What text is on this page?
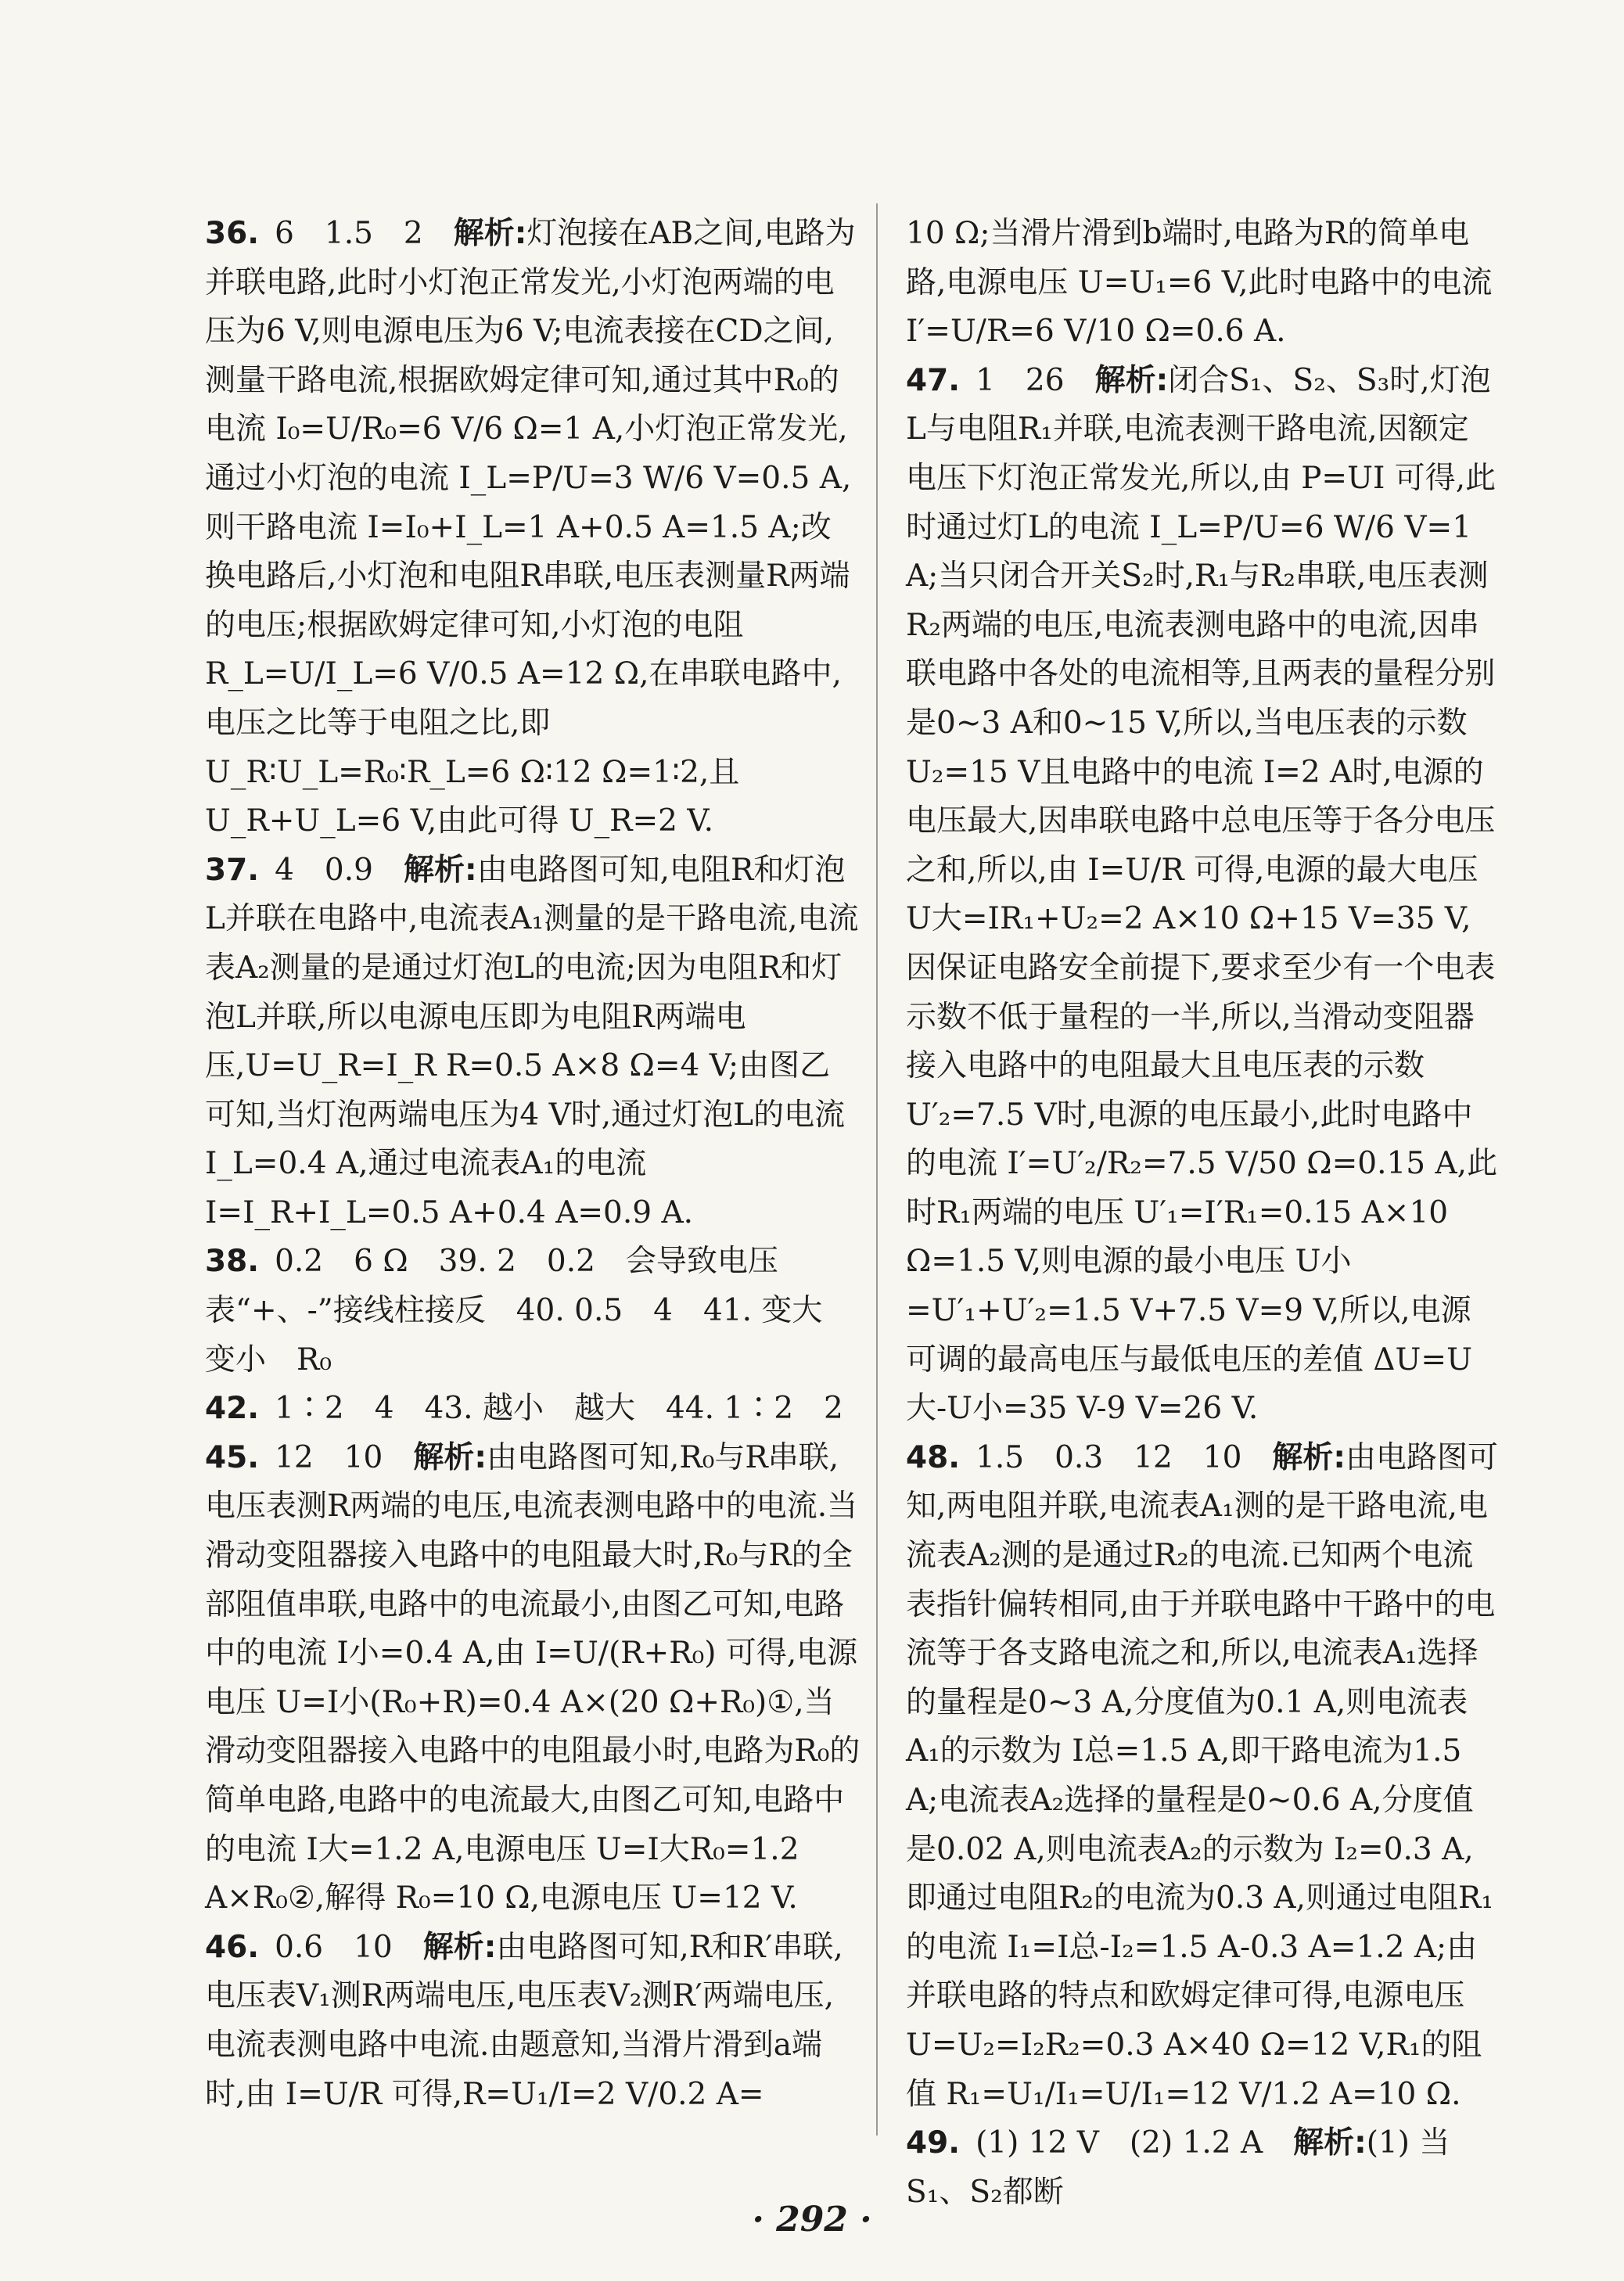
36. 6　1.5　2　 解析:灯泡接在AB之间,电路为并联电路,此时小灯泡正常发光,小灯泡两端的电压为6 V,则电源电压为6 V;电流表接在CD之间,测量干路电流,根据欧姆定律可知,通过其中R₀的电流 I₀=U/R₀=6 V/6 Ω=1 A,小灯泡正常发光,通过小灯泡的电流 I_L=P/U=3 W/6 V=0.5 A,则干路电流 I=I₀+I_L=1 A+0.5 A=1.5 A;改换电路后,小灯泡和电阻R串联,电压表测量R两端的电压;根据欧姆定律可知,小灯泡的电阻 R_L=U/I_L=6 V/0.5 A=12 Ω,在串联电路中,电压之比等于电阻之比,即 U_R∶U_L=R₀∶R_L=6 Ω∶12 Ω=1∶2,且 U_R+U_L=6 V,由此可得 U_R=2 V.

37. 4　0.9　 解析:由电路图可知,电阻R和灯泡L并联在电路中,电流表A₁测量的是干路电流,电流表A₂测量的是通过灯泡L的电流;因为电阻R和灯泡L并联,所以电源电压即为电阻R两端电压,U=U_R=I_R R=0.5 A×8 Ω=4 V;由图乙可知,当灯泡两端电压为4 V时,通过灯泡L的电流 I_L=0.4 A,通过电流表A₁的电流 I=I_R+I_L=0.5 A+0.4 A=0.9 A.

38. 0.2　6 Ω　39. 2　0.2　会导致电压表“+、-”接线柱接反　40. 0.5　4　41. 变大　变小　R₀

42. 1∶2　4　43. 越小　越大　44. 1∶2　2

45. 12　10　 解析:由电路图可知,R₀与R串联,电压表测R两端的电压,电流表测电路中的电流.当滑动变阻器接入电路中的电阻最大时,R₀与R的全部阻值串联,电路中的电流最小,由图乙可知,电路中的电流 I小=0.4 A,由 I=U/(R+R₀) 可得,电源电压 U=I小(R₀+R)=0.4 A×(20 Ω+R₀)①,当滑动变阻器接入电路中的电阻最小时,电路为R₀的简单电路,电路中的电流最大,由图乙可知,电路中的电流 I大=1.2 A,电源电压 U=I大R₀=1.2 A×R₀②,解得 R₀=10 Ω,电源电压 U=12 V.

46. 0.6　10　 解析:由电路图可知,R和R′串联,电压表V₁测R两端电压,电压表V₂测R′两端电压,电流表测电路中电流.由题意知,当滑片滑到a端时,由 I=U/R 可得,R=U₁/I=2 V/0.2 A=

10 Ω;当滑片滑到b端时,电路为R的简单电路,电源电压 U=U₁=6 V,此时电路中的电流 I′=U/R=6 V/10 Ω=0.6 A.

47. 1　26　 解析:闭合S₁、S₂、S₃时,灯泡L与电阻R₁并联,电流表测干路电流,因额定电压下灯泡正常发光,所以,由 P=UI 可得,此时通过灯L的电流 I_L=P/U=6 W/6 V=1 A;当只闭合开关S₂时,R₁与R₂串联,电压表测R₂两端的电压,电流表测电路中的电流,因串联电路中各处的电流相等,且两表的量程分别是0~3 A和0~15 V,所以,当电压表的示数 U₂=15 V且电路中的电流 I=2 A时,电源的电压最大,因串联电路中总电压等于各分电压之和,所以,由 I=U/R 可得,电源的最大电压 U大=IR₁+U₂=2 A×10 Ω+15 V=35 V,因保证电路安全前提下,要求至少有一个电表示数不低于量程的一半,所以,当滑动变阻器接入电路中的电阻最大且电压表的示数 U′₂=7.5 V时,电源的电压最小,此时电路中的电流 I′=U′₂/R₂=7.5 V/50 Ω=0.15 A,此时R₁两端的电压 U′₁=I′R₁=0.15 A×10 Ω=1.5 V,则电源的最小电压 U小=U′₁+U′₂=1.5 V+7.5 V=9 V,所以,电源可调的最高电压与最低电压的差值 ΔU=U大-U小=35 V-9 V=26 V.

48. 1.5　0.3　12　10　 解析:由电路图可知,两电阻并联,电流表A₁测的是干路电流,电流表A₂测的是通过R₂的电流.已知两个电流表指针偏转相同,由于并联电路中干路中的电流等于各支路电流之和,所以,电流表A₁选择的量程是0~3 A,分度值为0.1 A,则电流表A₁的示数为 I总=1.5 A,即干路电流为1.5 A;电流表A₂选择的量程是0~0.6 A,分度值是0.02 A,则电流表A₂的示数为 I₂=0.3 A,即通过电阻R₂的电流为0.3 A,则通过电阻R₁的电流 I₁=I总-I₂=1.5 A-0.3 A=1.2 A;由并联电路的特点和欧姆定律可得,电源电压 U=U₂=I₂R₂=0.3 A×40 Ω=12 V,R₁的阻值 R₁=U₁/I₁=U/I₁=12 V/1.2 A=10 Ω.

49. (1) 12 V　(2) 1.2 A　 解析:(1) 当S₁、S₂都断

· 292 ·
